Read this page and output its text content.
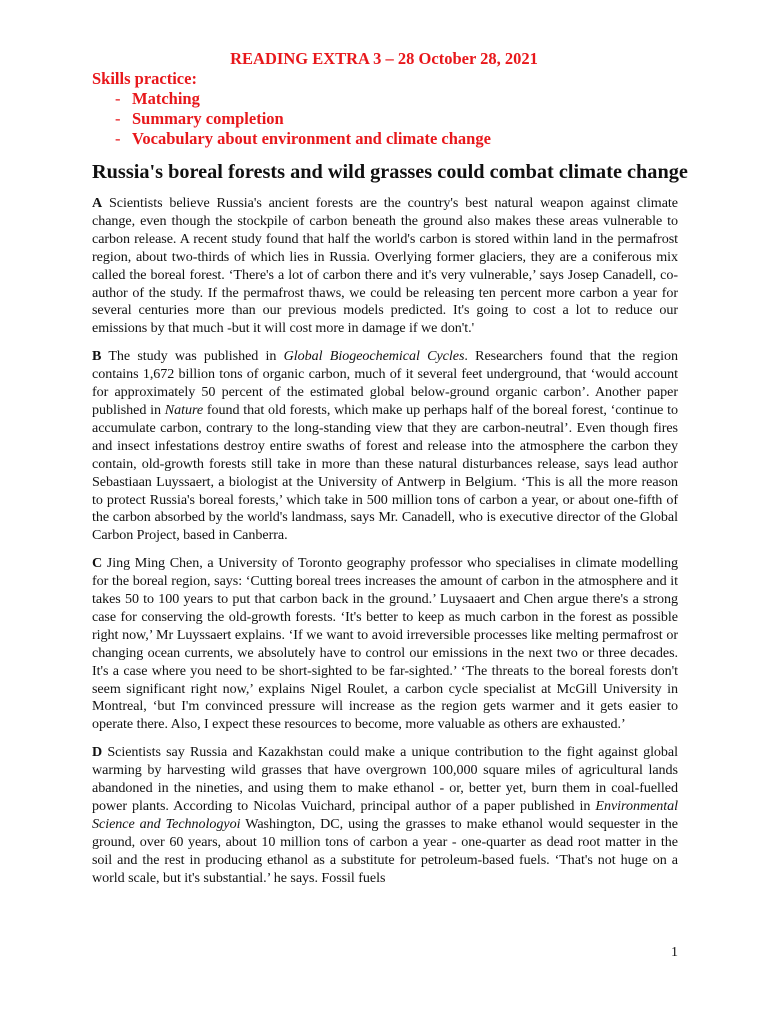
READING EXTRA 3 – 28 October 28, 2021

Skills practice:

- Matching
- Summary completion
- Vocabulary about environment and climate change
Russia's boreal forests and wild grasses could combat climate change

A Scientists believe Russia's ancient forests are the country's best natural weapon against climate change, even though the stockpile of carbon beneath the ground also makes these areas vulnerable to carbon release. A recent study found that half the world's carbon is stored within land in the permafrost region, about two-thirds of which lies in Russia. Overlying former glaciers, they are a coniferous mix called the boreal forest. ‘There's a lot of carbon there and it's very vulnerable,’ says Josep Canadell, co-author of the study. If the permafrost thaws, we could be releasing ten percent more carbon a year for several centuries more than our previous models predicted. It's going to cost a lot to reduce our emissions by that much -but it will cost more in damage if we don't.'

B The study was published in Global Biogeochemical Cycles. Researchers found that the region contains 1,672 billion tons of organic carbon, much of it several feet underground, that ‘would account for approximately 50 percent of the estimated global below-ground organic carbon’. Another paper published in Nature found that old forests, which make up perhaps half of the boreal forest, ‘continue to accumulate carbon, contrary to the long-standing view that they are carbon-neutral’. Even though fires and insect infestations destroy entire swaths of forest and release into the atmosphere the carbon they contain, old-growth forests still take in more than these natural disturbances release, says lead author Sebastiaan Luyssaert, a biologist at the University of Antwerp in Belgium. ‘This is all the more reason to protect Russia's boreal forests,’ which take in 500 million tons of carbon a year, or about one-fifth of the carbon absorbed by the world's landmass, says Mr. Canadell, who is executive director of the Global Carbon Project, based in Canberra.

C Jing Ming Chen, a University of Toronto geography professor who specialises in climate modelling for the boreal region, says: ‘Cutting boreal trees increases the amount of carbon in the atmosphere and it takes 50 to 100 years to put that carbon back in the ground.’ Luysaaert and Chen argue there's a strong case for conserving the old-growth forests. ‘It's better to keep as much carbon in the forest as possible right now,’ Mr Luyssaert explains. ‘If we want to avoid irreversible processes like melting permafrost or changing ocean currents, we absolutely have to control our emissions in the next two or three decades. It's a case where you need to be short-sighted to be far-sighted.’ ‘The threats to the boreal forests don't seem significant right now,’ explains Nigel Roulet, a carbon cycle specialist at McGill University in Montreal, ‘but I'm convinced pressure will increase as the region gets warmer and it gets easier to operate there. Also, I expect these resources to become, more valuable as others are exhausted.’

D Scientists say Russia and Kazakhstan could make a unique contribution to the fight against global warming by harvesting wild grasses that have overgrown 100,000 square miles of agricultural lands abandoned in the nineties, and using them to make ethanol - or, better yet, burn them in coal-fuelled power plants. According to Nicolas Vuichard, principal author of a paper published in Environmental Science and Technologyoi Washington, DC, using the grasses to make ethanol would sequester in the ground, over 60 years, about 10 million tons of carbon a year - one-quarter as dead root matter in the soil and the rest in producing ethanol as a substitute for petroleum-based fuels. ‘That's not huge on a world scale, but it's substantial.’ he says. Fossil fuels

1
